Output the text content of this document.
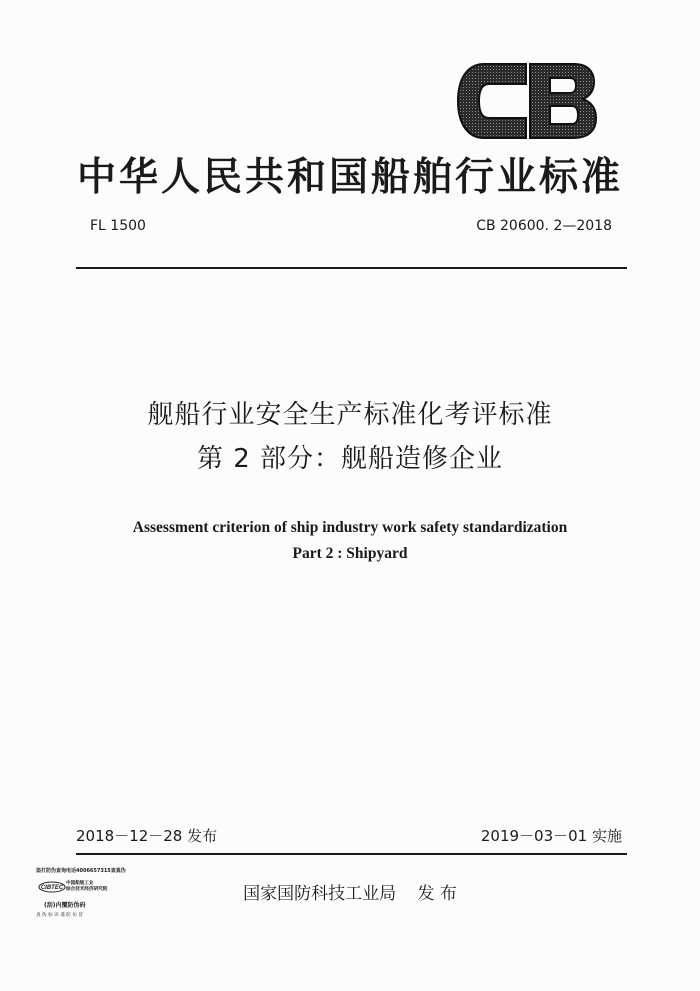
CB
中华人民共和国船舶行业标准
FL 1500	CB 20600. 2—2018
舰船行业安全生产标准化考评标准
第 2 部分：舰船造修企业
Assessment criterion of ship industry work safety standardization
Part 2 : Shipyard
2018－12－28 发布	2019－03－01 实施
盗打防伪查询电话4006657315查真伪
CIBTEC
中国船舶工业
综合技术经济研究院
(刮)内覆防伪码
真 伪 标 识 谨 防 仿 冒
国家国防科技工业局 发 布
